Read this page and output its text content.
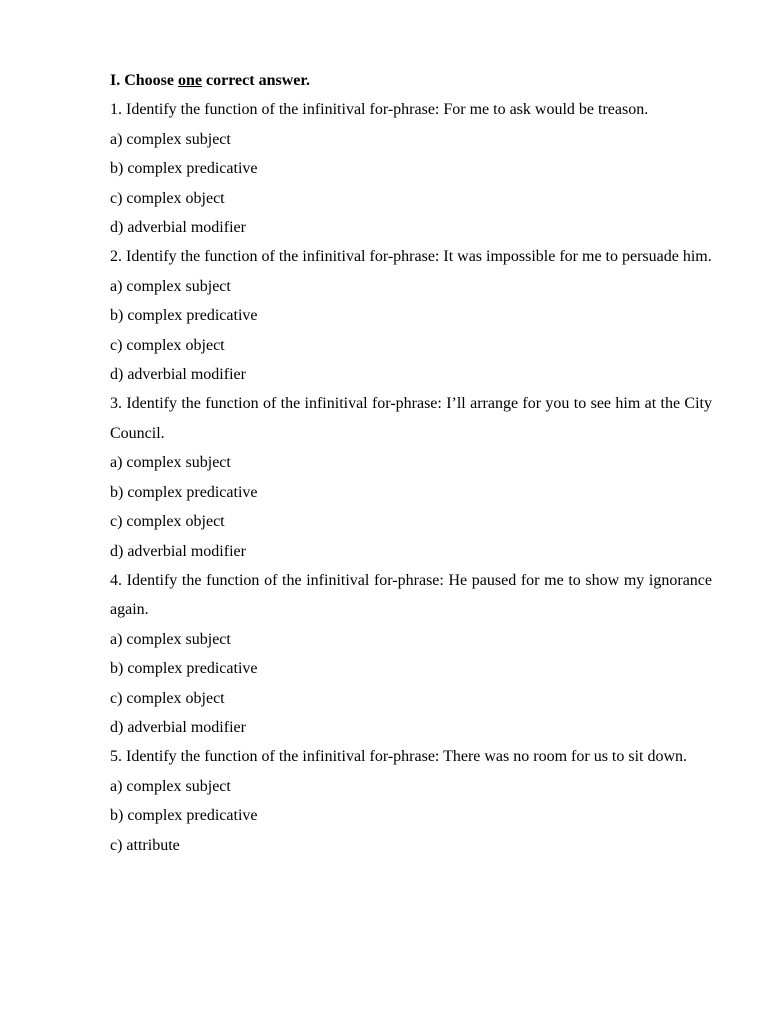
I. Choose one correct answer.

1. Identify the function of the infinitival for-phrase: For me to ask would be treason.

a) complex subject

b) complex predicative

c) complex object

d) adverbial modifier

2. Identify the function of the infinitival for-phrase: It was impossible for me to persuade him.

a) complex subject

b) complex predicative

c) complex object

d) adverbial modifier

3. Identify the function of the infinitival for-phrase: I’ll arrange for you to see him at the City Council.

a) complex subject

b) complex predicative

c) complex object

d) adverbial modifier

4. Identify the function of the infinitival for-phrase: He paused for me to show my ignorance again.

a) complex subject

b) complex predicative

c) complex object

d) adverbial modifier

5. Identify the function of the infinitival for-phrase: There was no room for us to sit down.

a) complex subject

b) complex predicative

c) attribute
